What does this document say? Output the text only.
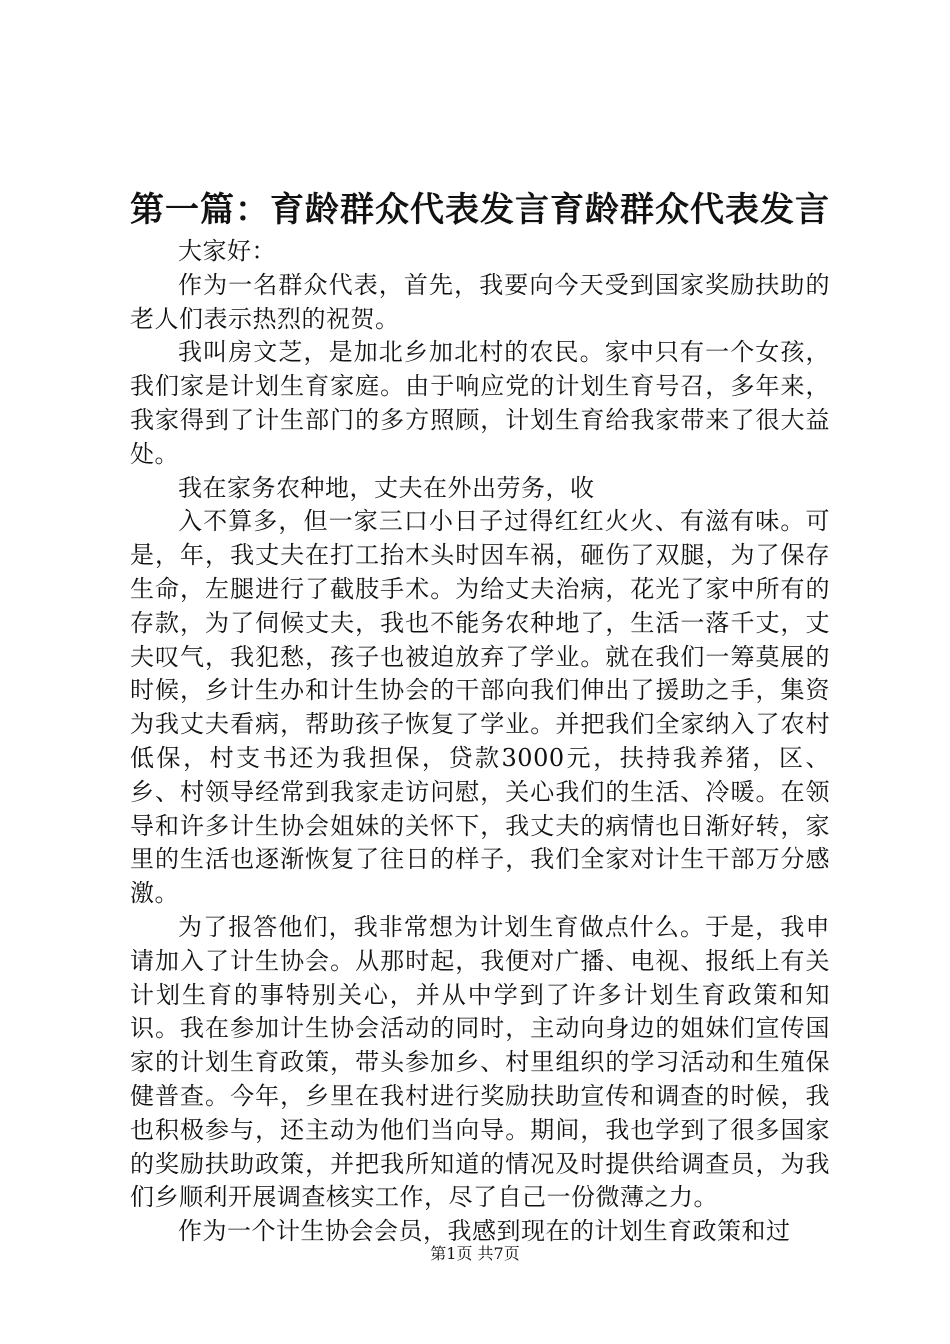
第一篇：育龄群众代表发言育龄群众代表发言

大家好：

作为一名群众代表，首先，我要向今天受到国家奖励扶助的老人们表示热烈的祝贺。

我叫房文芝，是加北乡加北村的农民。家中只有一个女孩，我们家是计划生育家庭。由于响应党的计划生育号召，多年来，我家得到了计生部门的多方照顾，计划生育给我家带来了很大益处。

我在家务农种地，丈夫在外出劳务，收

入不算多，但一家三口小日子过得红红火火、有滋有味。可是，年，我丈夫在打工抬木头时因车祸，砸伤了双腿，为了保存生命，左腿进行了截肢手术。为给丈夫治病，花光了家中所有的存款，为了伺候丈夫，我也不能务农种地了，生活一落千丈，丈夫叹气，我犯愁，孩子也被迫放弃了学业。就在我们一筹莫展的时候，乡计生办和计生协会的干部向我们伸出了援助之手，集资为我丈夫看病，帮助孩子恢复了学业。并把我们全家纳入了农村低保，村支书还为我担保，贷款3000元，扶持我养猪，区、乡、村领导经常到我家走访问慰，关心我们的生活、冷暖。在领导和许多计生协会姐妹的关怀下，我丈夫的病情也日渐好转，家里的生活也逐渐恢复了往日的样子，我们全家对计生干部万分感激。

为了报答他们，我非常想为计划生育做点什么。于是，我申请加入了计生协会。从那时起，我便对广播、电视、报纸上有关计划生育的事特别关心，并从中学到了许多计划生育政策和知识。我在参加计生协会活动的同时，主动向身边的姐妹们宣传国家的计划生育政策，带头参加乡、村里组织的学习活动和生殖保健普查。今年，乡里在我村进行奖励扶助宣传和调查的时候，我也积极参与，还主动为他们当向导。期间，我也学到了很多国家的奖励扶助政策，并把我所知道的情况及时提供给调查员，为我们乡顺利开展调查核实工作，尽了自己一份微薄之力。

作为一个计生协会会员，我感到现在的计划生育政策和过

第1页 共7页
